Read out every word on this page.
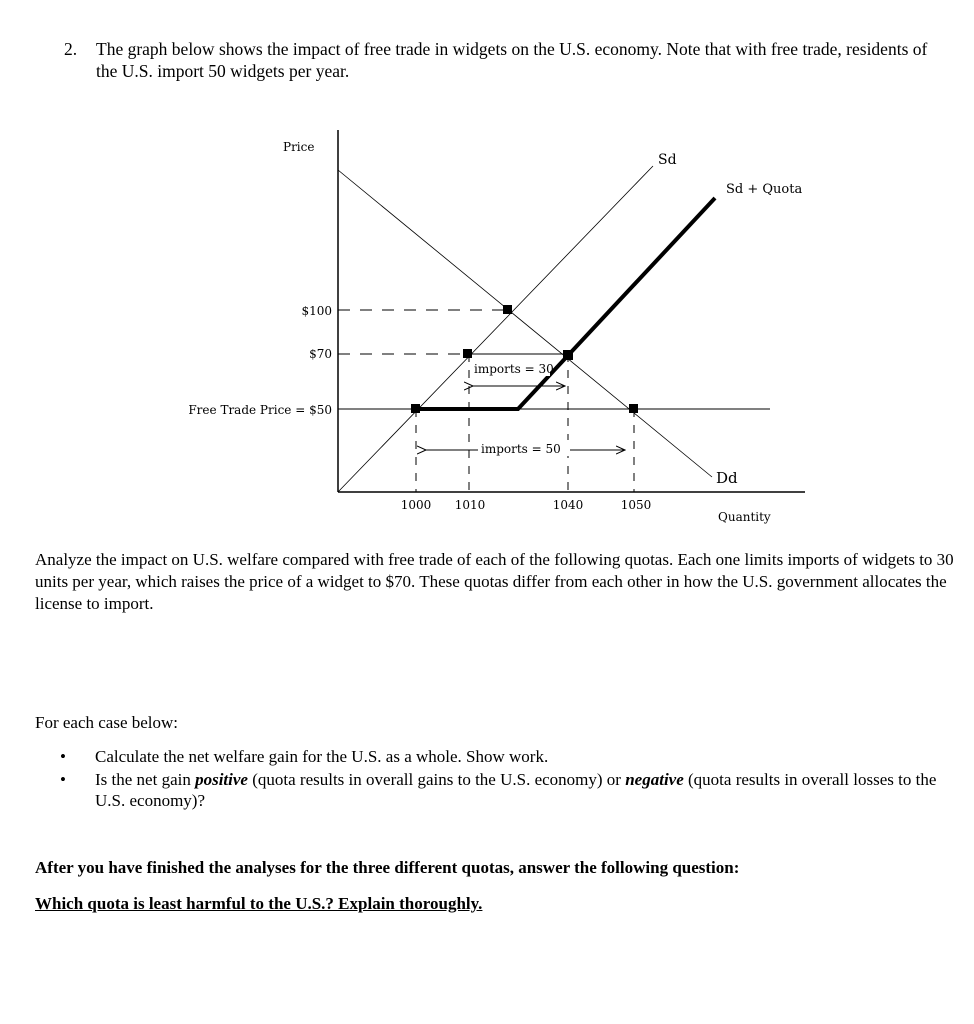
2. The graph below shows the impact of free trade in widgets on the U.S. economy. Note that with free trade, residents of the U.S. import 50 widgets per year.
Price
$100
$70
Free Trade Price = $50
1000 1010	1040	1050
Quantity
Sd
Sd + Quota
Dd
imports = 30
imports = 50
Analyze the impact on U.S. welfare compared with free trade of each of the following quotas. Each one limits imports of widgets to 30 units per year, which raises the price of a widget to $70. These quotas differ from each other in how the U.S. government allocates the license to import.
For each case below:
• Calculate the net welfare gain for the U.S. as a whole. Show work.
• Is the net gain positive (quota results in overall gains to the U.S. economy) or negative (quota results in overall losses to the U.S. economy)?
After you have finished the analyses for the three different quotas, answer the following question:
Which quota is least harmful to the U.S.? Explain thoroughly.
